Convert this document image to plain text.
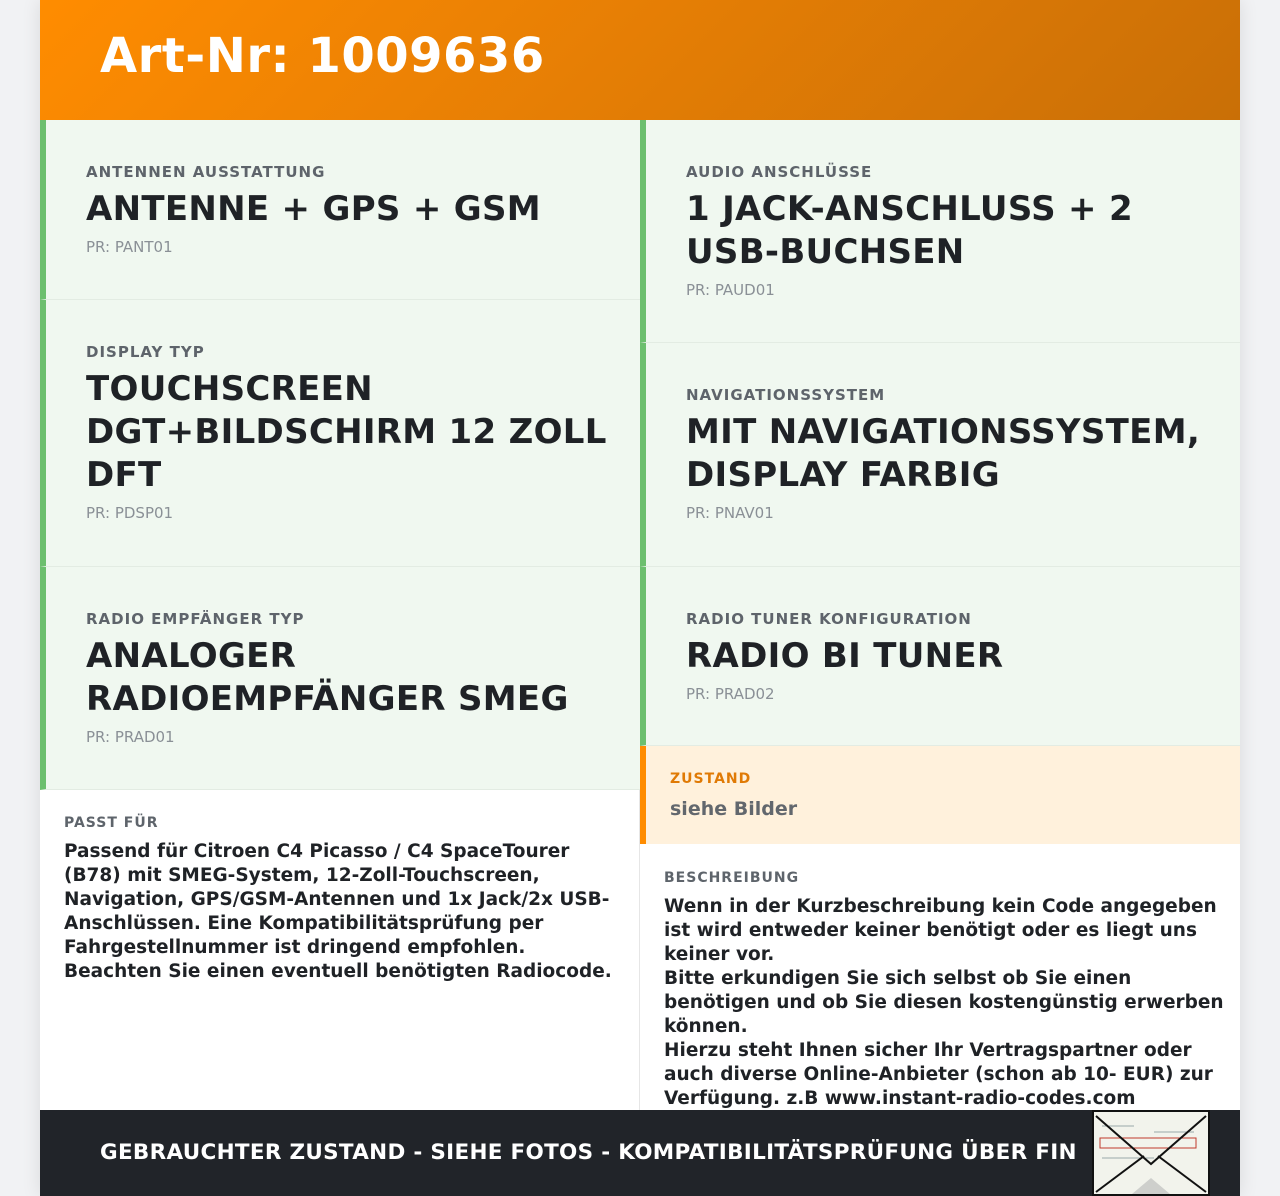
Art-Nr: 1009636
ANTENNEN AUSSTATTUNG
ANTENNE + GPS + GSM
PR: PANT01
DISPLAY TYP
TOUCHSCREEN DGT+BILDSCHIRM 12 ZOLL DFT
PR: PDSP01
RADIO EMPFÄNGER TYP
ANALOGER RADIOEMPFÄNGER SMEG
PR: PRAD01
AUDIO ANSCHLÜSSE
1 JACK-ANSCHLUSS + 2 USB-BUCHSEN
PR: PAUD01
NAVIGATIONSSYSTEM
MIT NAVIGATIONSSYSTEM, DISPLAY FARBIG
PR: PNAV01
RADIO TUNER KONFIGURATION
RADIO BI TUNER
PR: PRAD02
ZUSTAND
siehe Bilder
PASST FÜR
Passend für Citroen C4 Picasso / C4 SpaceTourer (B78) mit SMEG-System, 12-Zoll-Touchscreen, Navigation, GPS/GSM-Antennen und 1x Jack/2x USB-Anschlüssen. Eine Kompatibilitätsprüfung per Fahrgestellnummer ist dringend empfohlen. Beachten Sie einen eventuell benötigten Radiocode.
BESCHREIBUNG
Wenn in der Kurzbeschreibung kein Code angegeben ist wird entweder keiner benötigt oder es liegt uns keiner vor.
Bitte erkundigen Sie sich selbst ob Sie einen benötigen und ob Sie diesen kostengünstig erwerben können.
Hierzu steht Ihnen sicher Ihr Vertragspartner oder auch diverse Online-Anbieter (schon ab 10- EUR) zur Verfügung. z.B www.instant-radio-codes.com
GEBRAUCHTER ZUSTAND - SIEHE FOTOS - KOMPATIBILITÄTSPRÜFUNG ÜBER FIN
